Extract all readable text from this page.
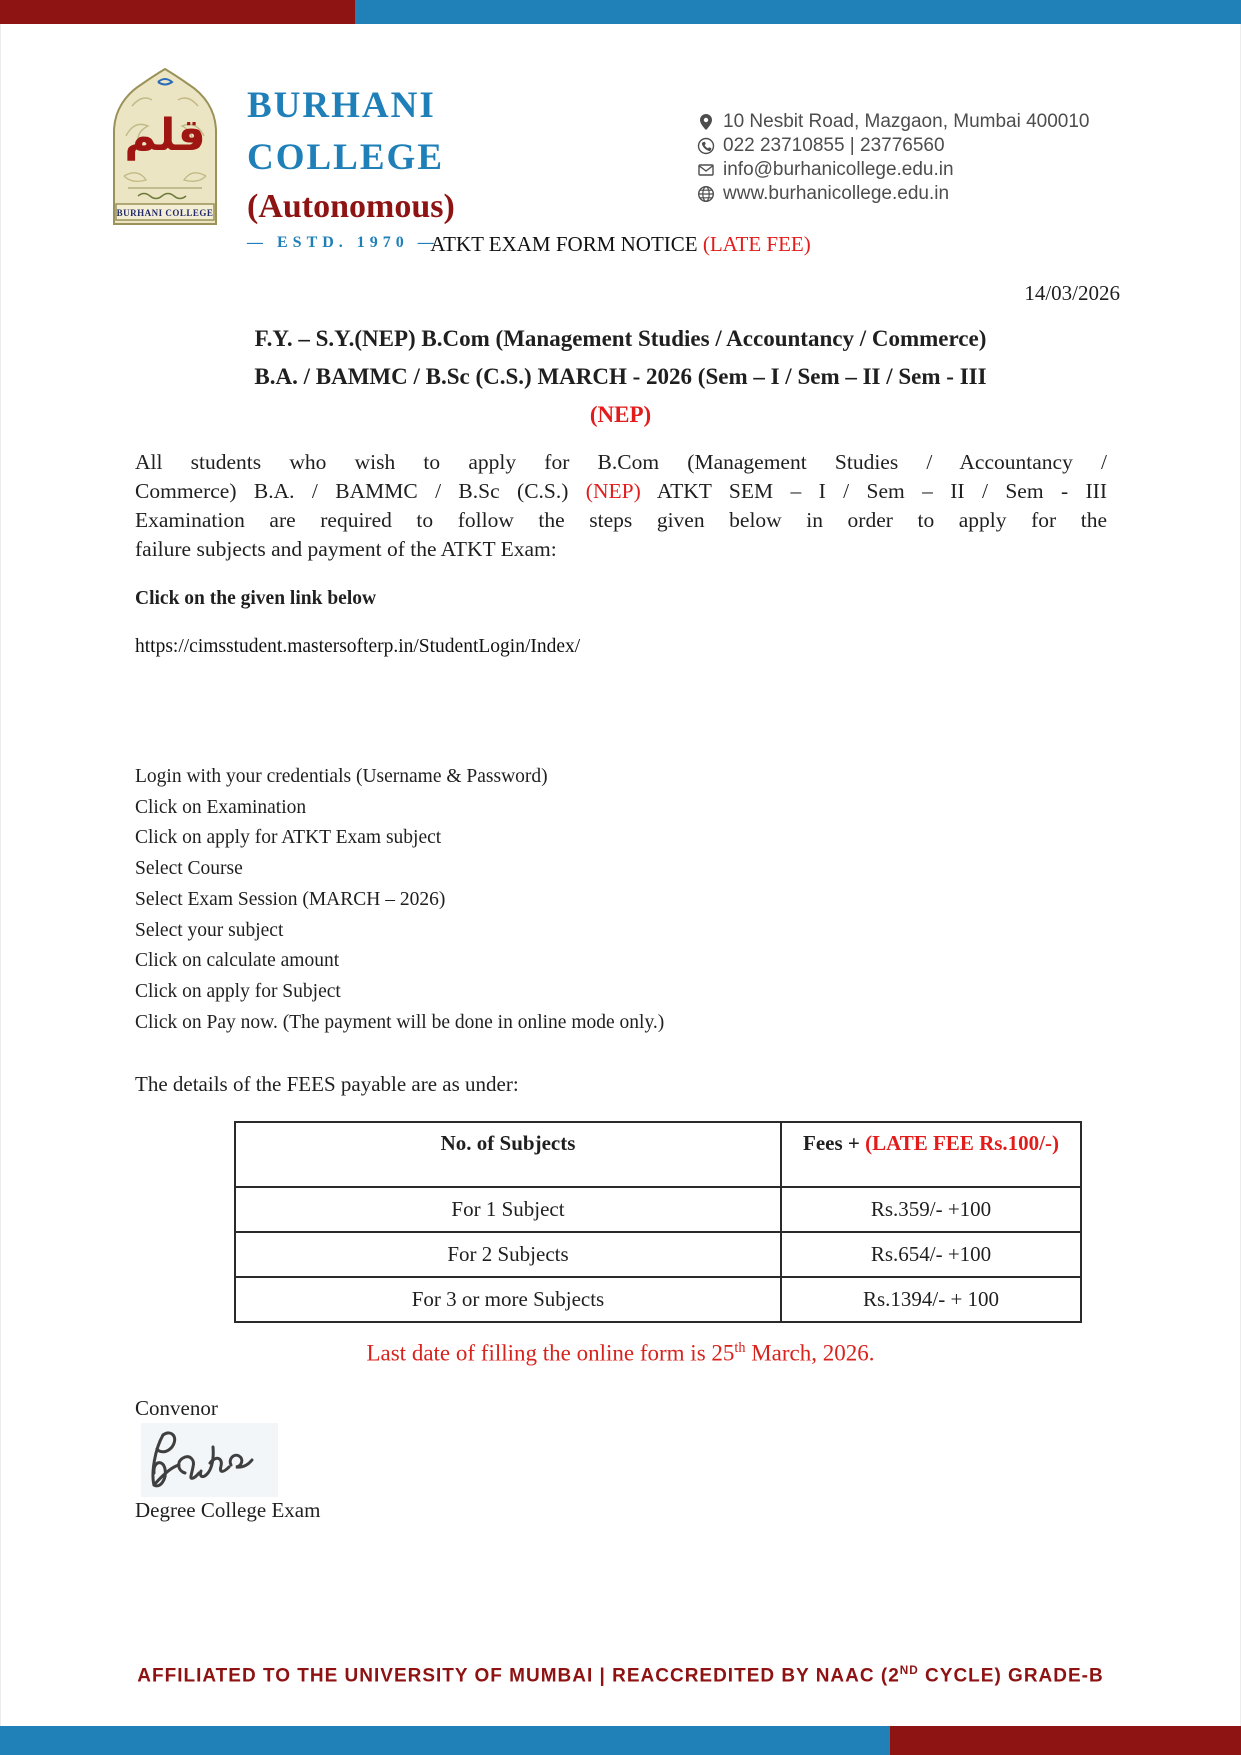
قلم
BURHANI COLLEGE
BURHANI
COLLEGE
(Autonomous)
— ESTD. 1970 —
10 Nesbit Road, Mazgaon, Mumbai 400010
022 23710855 | 23776560
info@burhanicollege.edu.in
www.burhanicollege.edu.in
ATKT EXAM FORM NOTICE (LATE FEE)
14/03/2026
F.Y. – S.Y.(NEP) B.Com (Management Studies / Accountancy / Commerce)
B.A. / BAMMC / B.Sc (C.S.) MARCH - 2026 (Sem – I / Sem – II / Sem - III
(NEP)
All students who wish to apply for B.Com (Management Studies / Accountancy /
Commerce) B.A. / BAMMC / B.Sc (C.S.) (NEP) ATKT SEM – I / Sem – II / Sem - III
Examination are required to follow the steps given below in order to apply for the
failure subjects and payment of the ATKT Exam:
Click on the given link below
https://cimsstudent.mastersofterp.in/StudentLogin/Index/
Login with your credentials (Username & Password)
Click on Examination
Click on apply for ATKT Exam subject
Select Course
Select Exam Session (MARCH – 2026)
Select your subject
Click on calculate amount
Click on apply for Subject
Click on Pay now. (The payment will be done in online mode only.)
The details of the FEES payable are as under:
No. of Subjects	Fees + (LATE FEE Rs.100/-)
For 1 Subject	Rs.359/- +100
For 2 Subjects	Rs.654/- +100
For 3 or more Subjects	Rs.1394/- + 100
Last date of filling the online form is 25th March, 2026.
Convenor
Degree College Exam
AFFILIATED TO THE UNIVERSITY OF MUMBAI | REACCREDITED BY NAAC (2ND CYCLE) GRADE-B
